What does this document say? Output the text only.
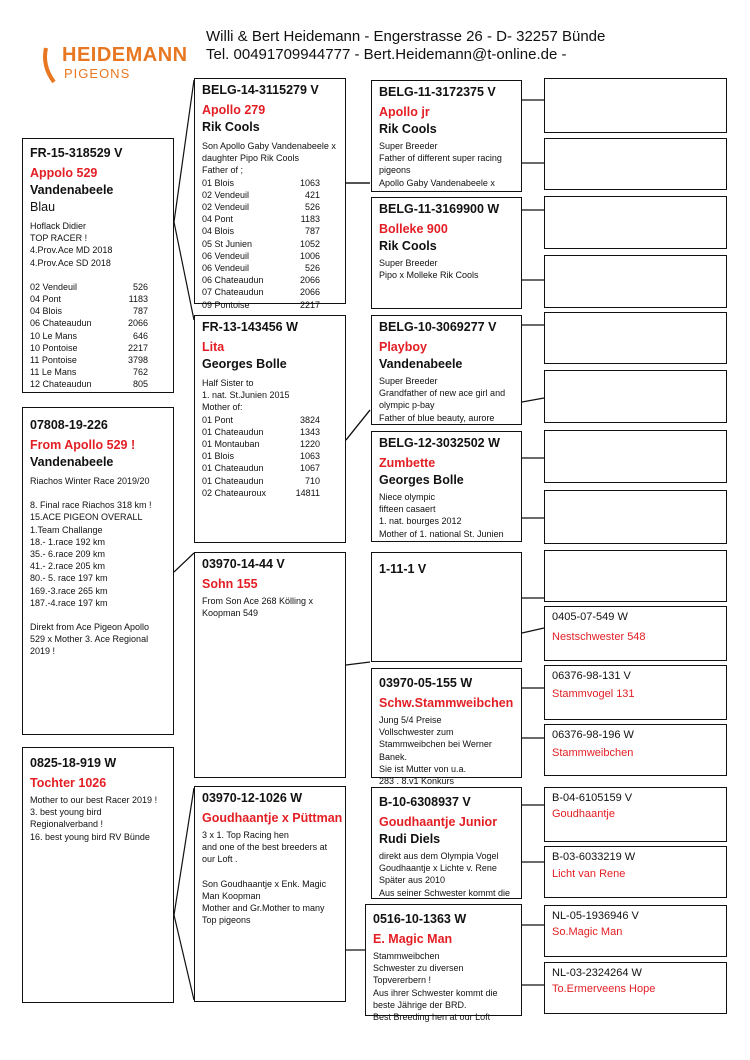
Willi & Bert Heidemann - Engerstrasse 26 - D- 32257 Bünde
Tel. 00491709944777 - Bert.Heidemann@t-online.de -
HEIDEMANN
PIGEONS
FR-15-318529 V
Appolo 529
Vandenabeele
Blau
Hoflack Didier
TOP RACER !
4.Prov.Ace MD 2018
4.Prov.Ace SD 2018
02 Vendeuil	526
04 Pont	1183
04 Blois	787
06 Chateaudun	2066
10 Le Mans	646
10 Pontoise	2217
11 Pontoise	3798
11 Le Mans	762
12 Chateaudun	805
07808-19-226
From Apollo 529 !
Vandenabeele
Riachos Winter Race 2019/20
8. Final race Riachos 318 km !
15.ACE PIGEON OVERALL
1.Team Challange
18.- 1.race 192 km
35.- 6.race 209 km
41.- 2.race 205 km
80.- 5. race 197 km
169.-3.race 265 km
187.-4.race 197 km
Direkt from Ace Pigeon Apollo
529 x Mother 3. Ace Regional
2019 !
0825-18-919 W
Tochter 1026
Mother to our best Racer 2019 !
3. best young bird
Regionalverband !
16. best young bird RV Bünde
BELG-14-3115279 V
Apollo 279
Rik Cools
Son Apollo Gaby Vandenabeele x
daughter Pipo Rik Cools
Father of ;
01 Blois	1063
02 Vendeuil	421
02 Vendeuil	526
04 Pont	1183
04 Blois	787
05 St Junien	1052
06 Vendeuil	1006
06 Vendeuil	526
06 Chateaudun	2066
07 Chateaudun	2066
09 Pontoise	2217
FR-13-143456 W
Lita
Georges Bolle
Half Sister to
1. nat. St.Junien 2015
Mother of:
01 Pont	3824
01 Chateaudun	1343
01 Montauban	1220
01 Blois	1063
01 Chateaudun	1067
01 Chateaudun	710
02 Chateauroux	14811
03970-14-44 V
Sohn 155
From Son Ace 268 Kölling x
Koopman 549
03970-12-1026 W
Goudhaantje x Püttman
3 x 1. Top Racing hen
and one of the best breeders at
our Loft .
Son Goudhaantje x Enk. Magic
Man Koopman
Mother and Gr.Mother to many
Top pigeons
BELG-11-3172375 V
Apollo jr
Rik Cools
Super Breeder
Father of different super racing
pigeons
Apollo Gaby Vandenabeele x
BELG-11-3169900 W
Bolleke 900
Rik Cools
Super Breeder
Pipo x Molleke Rik Cools
BELG-10-3069277 V
Playboy
Vandenabeele
Super Breeder
Grandfather of new ace girl and
olympic p-bay
Father of blue beauty, aurore
BELG-12-3032502 W
Zumbette
Georges Bolle
Niece olympic
fifteen casaert
1. nat. bourges 2012
Mother of 1. national St. Junien
1-11-1 V
03970-05-155 W
Schw.Stammweibchen
Jung 5/4 Preise
Vollschwester zum
Stammweibchen bei Werner
Banek.
Sie ist Mutter von u.a.
283 . 8.v1 Konkurs
B-10-6308937 V
Goudhaantje Junior
Rudi Diels
direkt aus dem Olympia Vogel
Goudhaantje x Lichte v. Rene
Später aus 2010
Aus seiner Schwester kommt die
0516-10-1363 W
E. Magic Man
Stammweibchen
Schwester zu diversen
Topvererbern !
Aus ihrer Schwester kommt die
beste Jährige der BRD.
Best Breeding hen at our Loft
0405-07-549 W
Nestschwester 548
06376-98-131 V
Stammvogel 131
06376-98-196 W
Stammweibchen
B-04-6105159 V
Goudhaantje
B-03-6033219 W
Licht van Rene
NL-05-1936946 V
So.Magic Man
NL-03-2324264 W
To.Ermerveens Hope
